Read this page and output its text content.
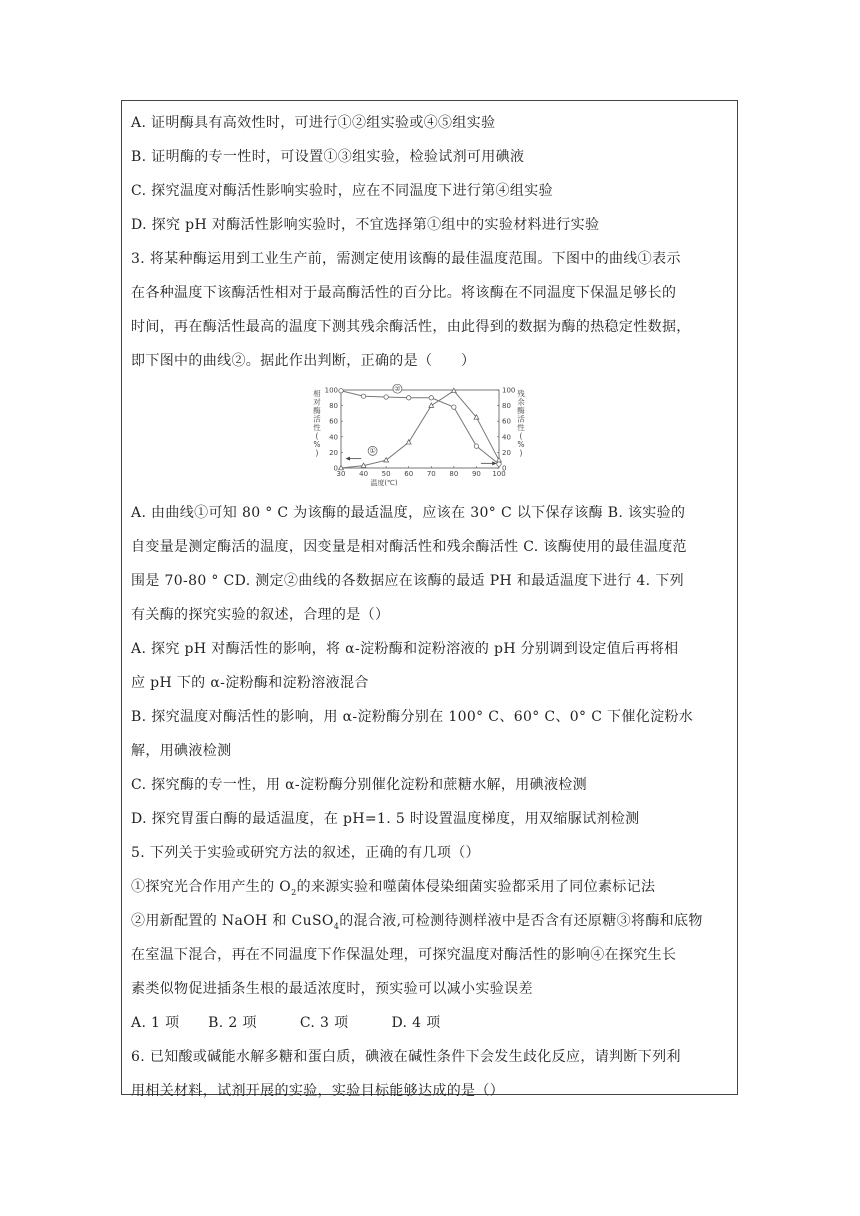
A. 证明酶具有高效性时，可进行①②组实验或④⑤组实验
B. 证明酶的专一性时，可设置①③组实验，检验试剂可用碘液
C. 探究温度对酶活性影响实验时，应在不同温度下进行第④组实验
D. 探究 pH 对酶活性影响实验时，不宜选择第①组中的实验材料进行实验
3. 将某种酶运用到工业生产前，需测定使用该酶的最佳温度范围。下图中的曲线①表示
在各种温度下该酶活性相对于最高酶活性的百分比。将该酶在不同温度下保温足够长的
时间，再在酶活性最高的温度下测其残余酶活性，由此得到的数据为酶的热稳定性数据，
即下图中的曲线②。据此作出判断，正确的是（　　）
30 40 50 60 70 80 90 100
0	0
20	20
40	40
60	60
80	80
100	100
温度(℃)
相
对
酶
活
性
(
%
)
残
余
酶
活
性
(
%
)
②
①
A. 由曲线①可知 80 ° C 为该酶的最适温度，应该在 30° C 以下保存该酶 B. 该实验的
自变量是测定酶活的温度，因变量是相对酶活性和残余酶活性 C. 该酶使用的最佳温度范
围是 70-80 ° CD. 测定②曲线的各数据应在该酶的最适 PH 和最适温度下进行 4. 下列
有关酶的探究实验的叙述，合理的是（）
A. 探究 pH 对酶活性的影响，将 α-淀粉酶和淀粉溶液的 pH 分别调到设定值后再将相
应 pH 下的 α-淀粉酶和淀粉溶液混合
B. 探究温度对酶活性的影响，用 α-淀粉酶分别在 100° C、60° C、0° C 下催化淀粉水
解，用碘液检测
C. 探究酶的专一性，用 α-淀粉酶分别催化淀粉和蔗糖水解，用碘液检测
D. 探究胃蛋白酶的最适温度，在 pH=1. 5 时设置温度梯度，用双缩脲试剂检测
5. 下列关于实验或研究方法的叙述，正确的有几项（）
①探究光合作用产生的 $O_2$的来源实验和噬菌体侵染细菌实验都采用了同位素标记法
②用新配置的 NaOH 和 CuSO$_4$的混合液,可检测待测样液中是否含有还原糖③将酶和底物
在室温下混合，再在不同温度下作保温处理，可探究温度对酶活性的影响④在探究生长
素类似物促进插条生根的最适浓度时，预实验可以减小实验误差
A. 1 项　　B. 2 项　　　C. 3 项　　　D. 4 项
6. 已知酸或碱能水解多糖和蛋白质，碘液在碱性条件下会发生歧化反应，请判断下列利
用相关材料，试剂开展的实验，实验目标能够达成的是（）
